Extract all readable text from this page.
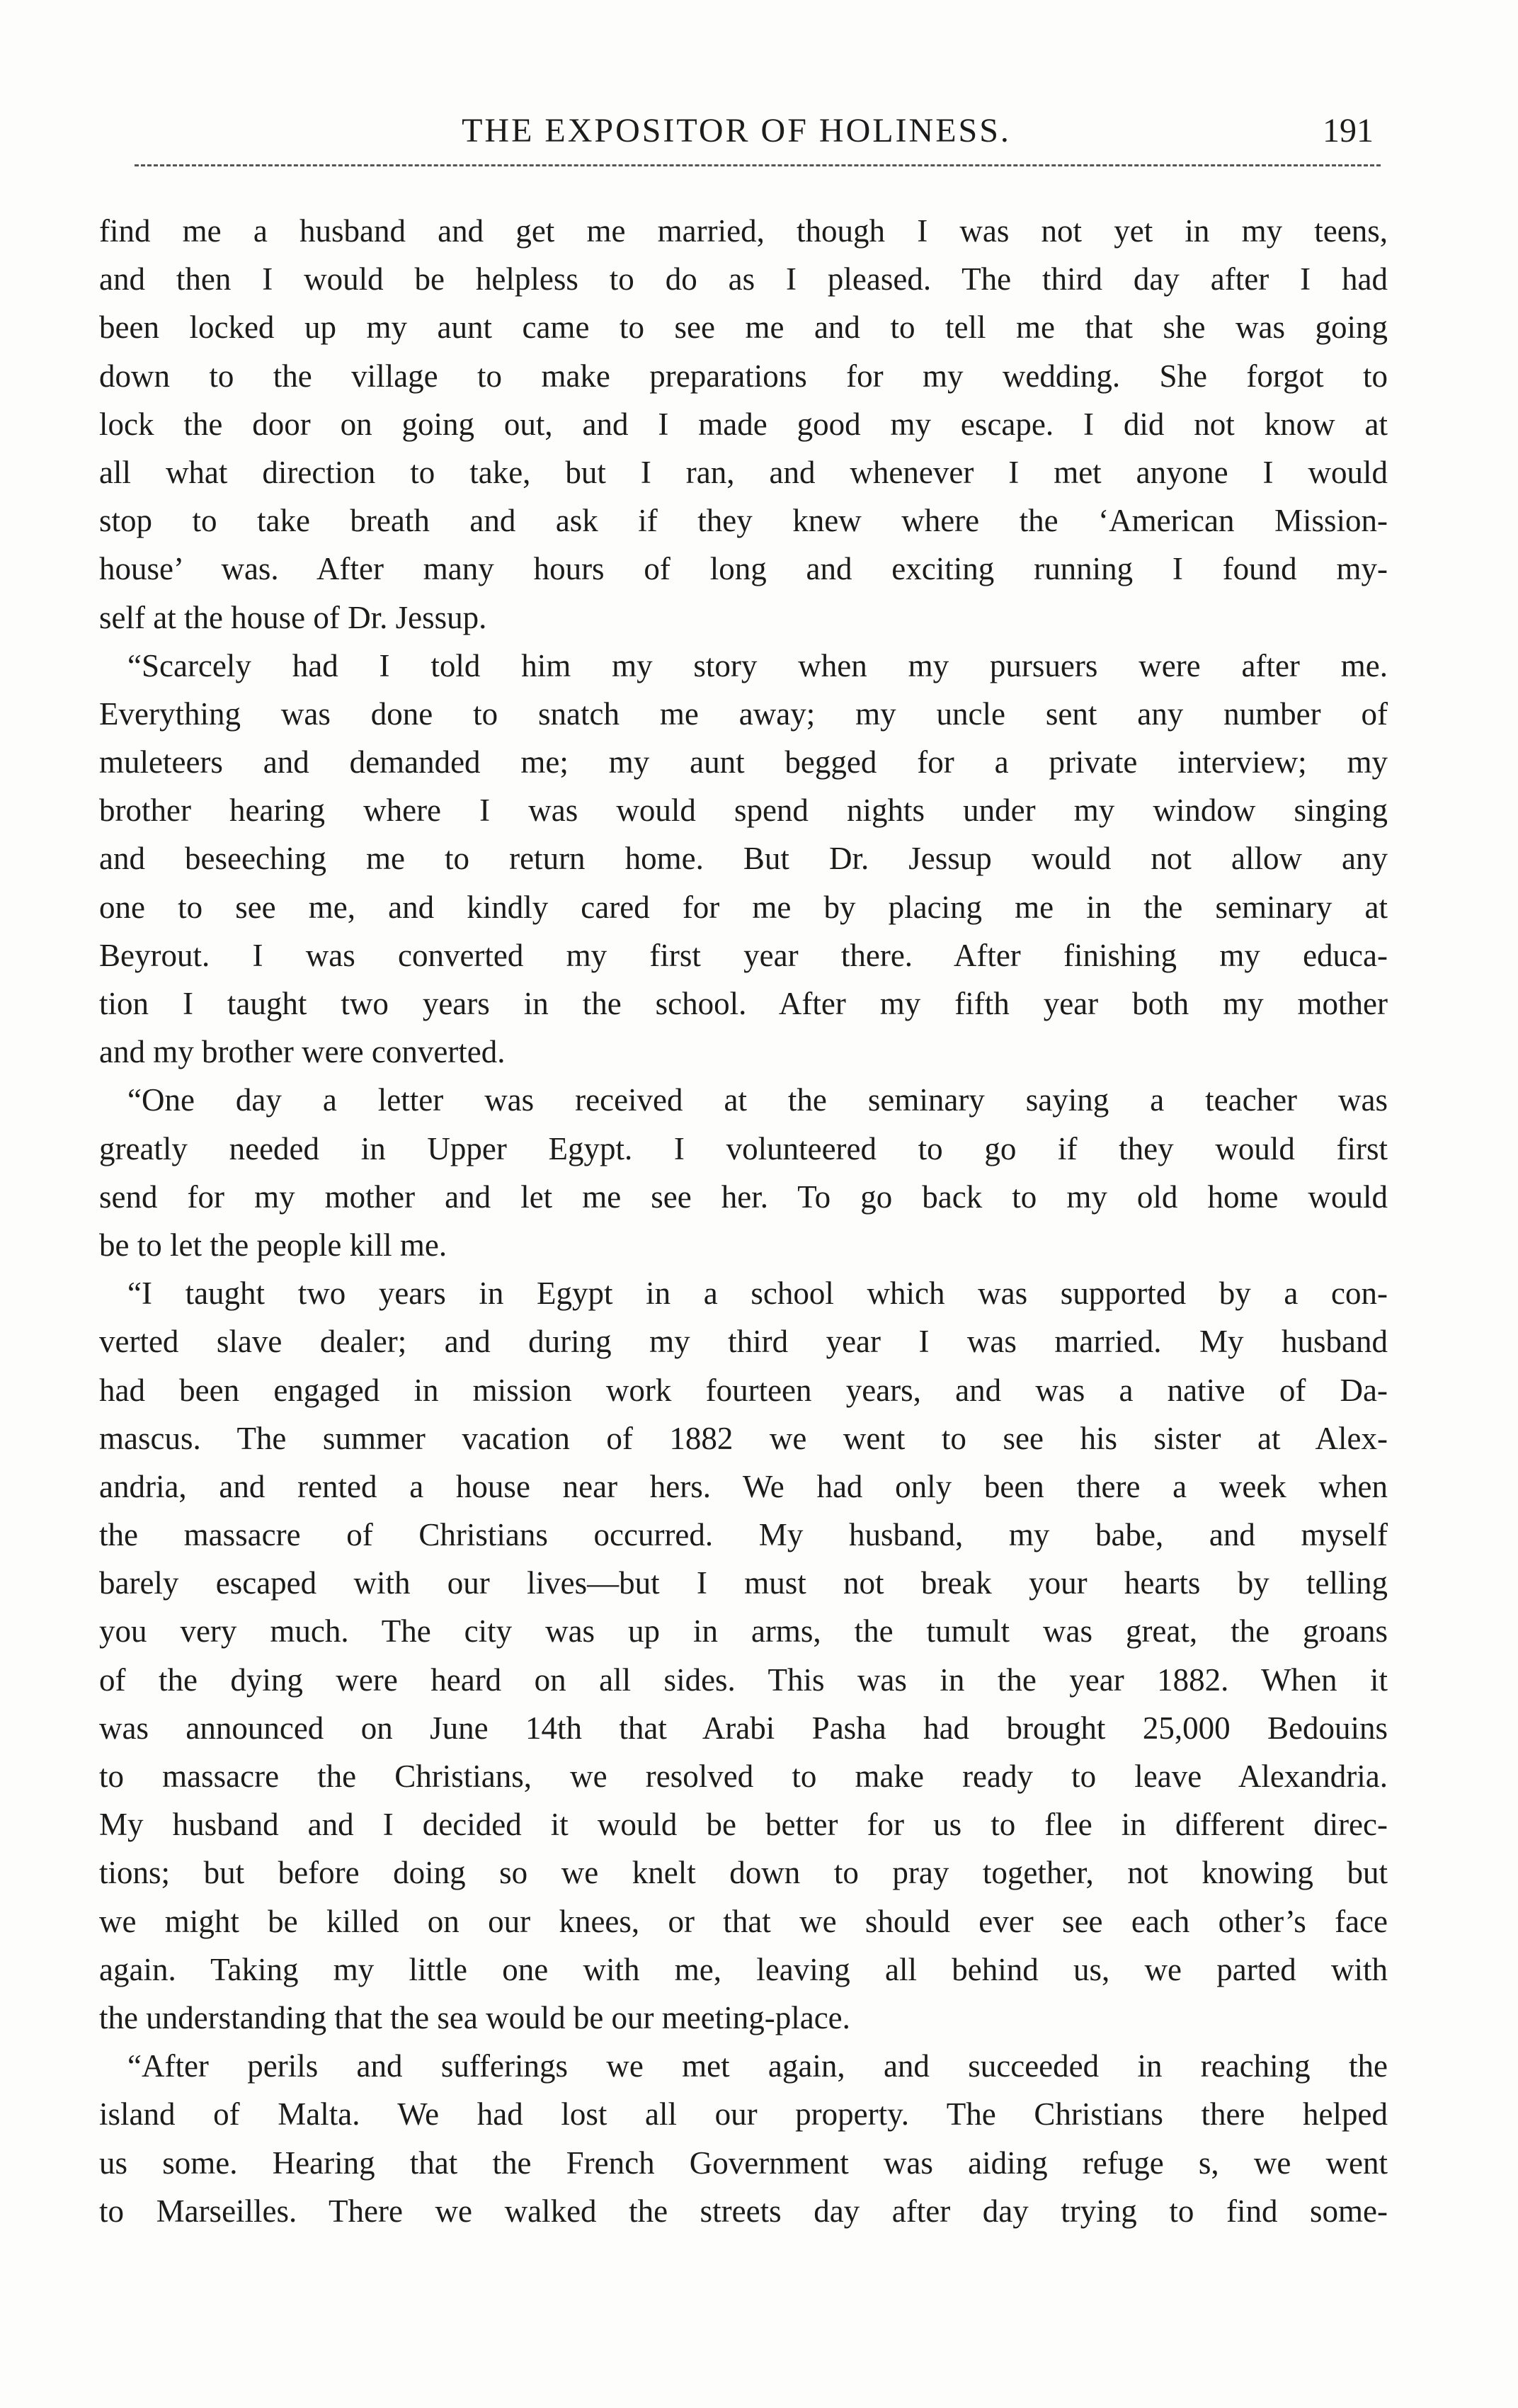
THE EXPOSITOR OF HOLINESS.	191
find me a husband and get me married, though I was not yet in my teens,
and then I would be helpless to do as I pleased. The third day after I had
been locked up my aunt came to see me and to tell me that she was going
down to the village to make preparations for my wedding. She forgot to
lock the door on going out, and I made good my escape. I did not know at
all what direction to take, but I ran, and whenever I met anyone I would
stop to take breath and ask if they knew where the ‘American Mission-
house’ was. After many hours of long and exciting running I found my-
self at the house of Dr. Jessup.
“Scarcely had I told him my story when my pursuers were after me.
Everything was done to snatch me away; my uncle sent any number of
muleteers and demanded me; my aunt begged for a private interview; my
brother hearing where I was would spend nights under my window singing
and beseeching me to return home. But Dr. Jessup would not allow any
one to see me, and kindly cared for me by placing me in the seminary at
Beyrout. I was converted my first year there. After finishing my educa-
tion I taught two years in the school. After my fifth year both my mother
and my brother were converted.
“One day a letter was received at the seminary saying a teacher was
greatly needed in Upper Egypt. I volunteered to go if they would first
send for my mother and let me see her. To go back to my old home would
be to let the people kill me.
“I taught two years in Egypt in a school which was supported by a con-
verted slave dealer; and during my third year I was married. My husband
had been engaged in mission work fourteen years, and was a native of Da-
mascus. The summer vacation of 1882 we went to see his sister at Alex-
andria, and rented a house near hers. We had only been there a week when
the massacre of Christians occurred. My husband, my babe, and myself
barely escaped with our lives—but I must not break your hearts by telling
you very much. The city was up in arms, the tumult was great, the groans
of the dying were heard on all sides. This was in the year 1882. When it
was announced on June 14th that Arabi Pasha had brought 25,000 Bedouins
to massacre the Christians, we resolved to make ready to leave Alexandria.
My husband and I decided it would be better for us to flee in different direc-
tions; but before doing so we knelt down to pray together, not knowing but
we might be killed on our knees, or that we should ever see each other’s face
again. Taking my little one with me, leaving all behind us, we parted with
the understanding that the sea would be our meeting-place.
“After perils and sufferings we met again, and succeeded in reaching the
island of Malta. We had lost all our property. The Christians there helped
us some. Hearing that the French Government was aiding refuge s, we went
to Marseilles. There we walked the streets day after day trying to find some-
